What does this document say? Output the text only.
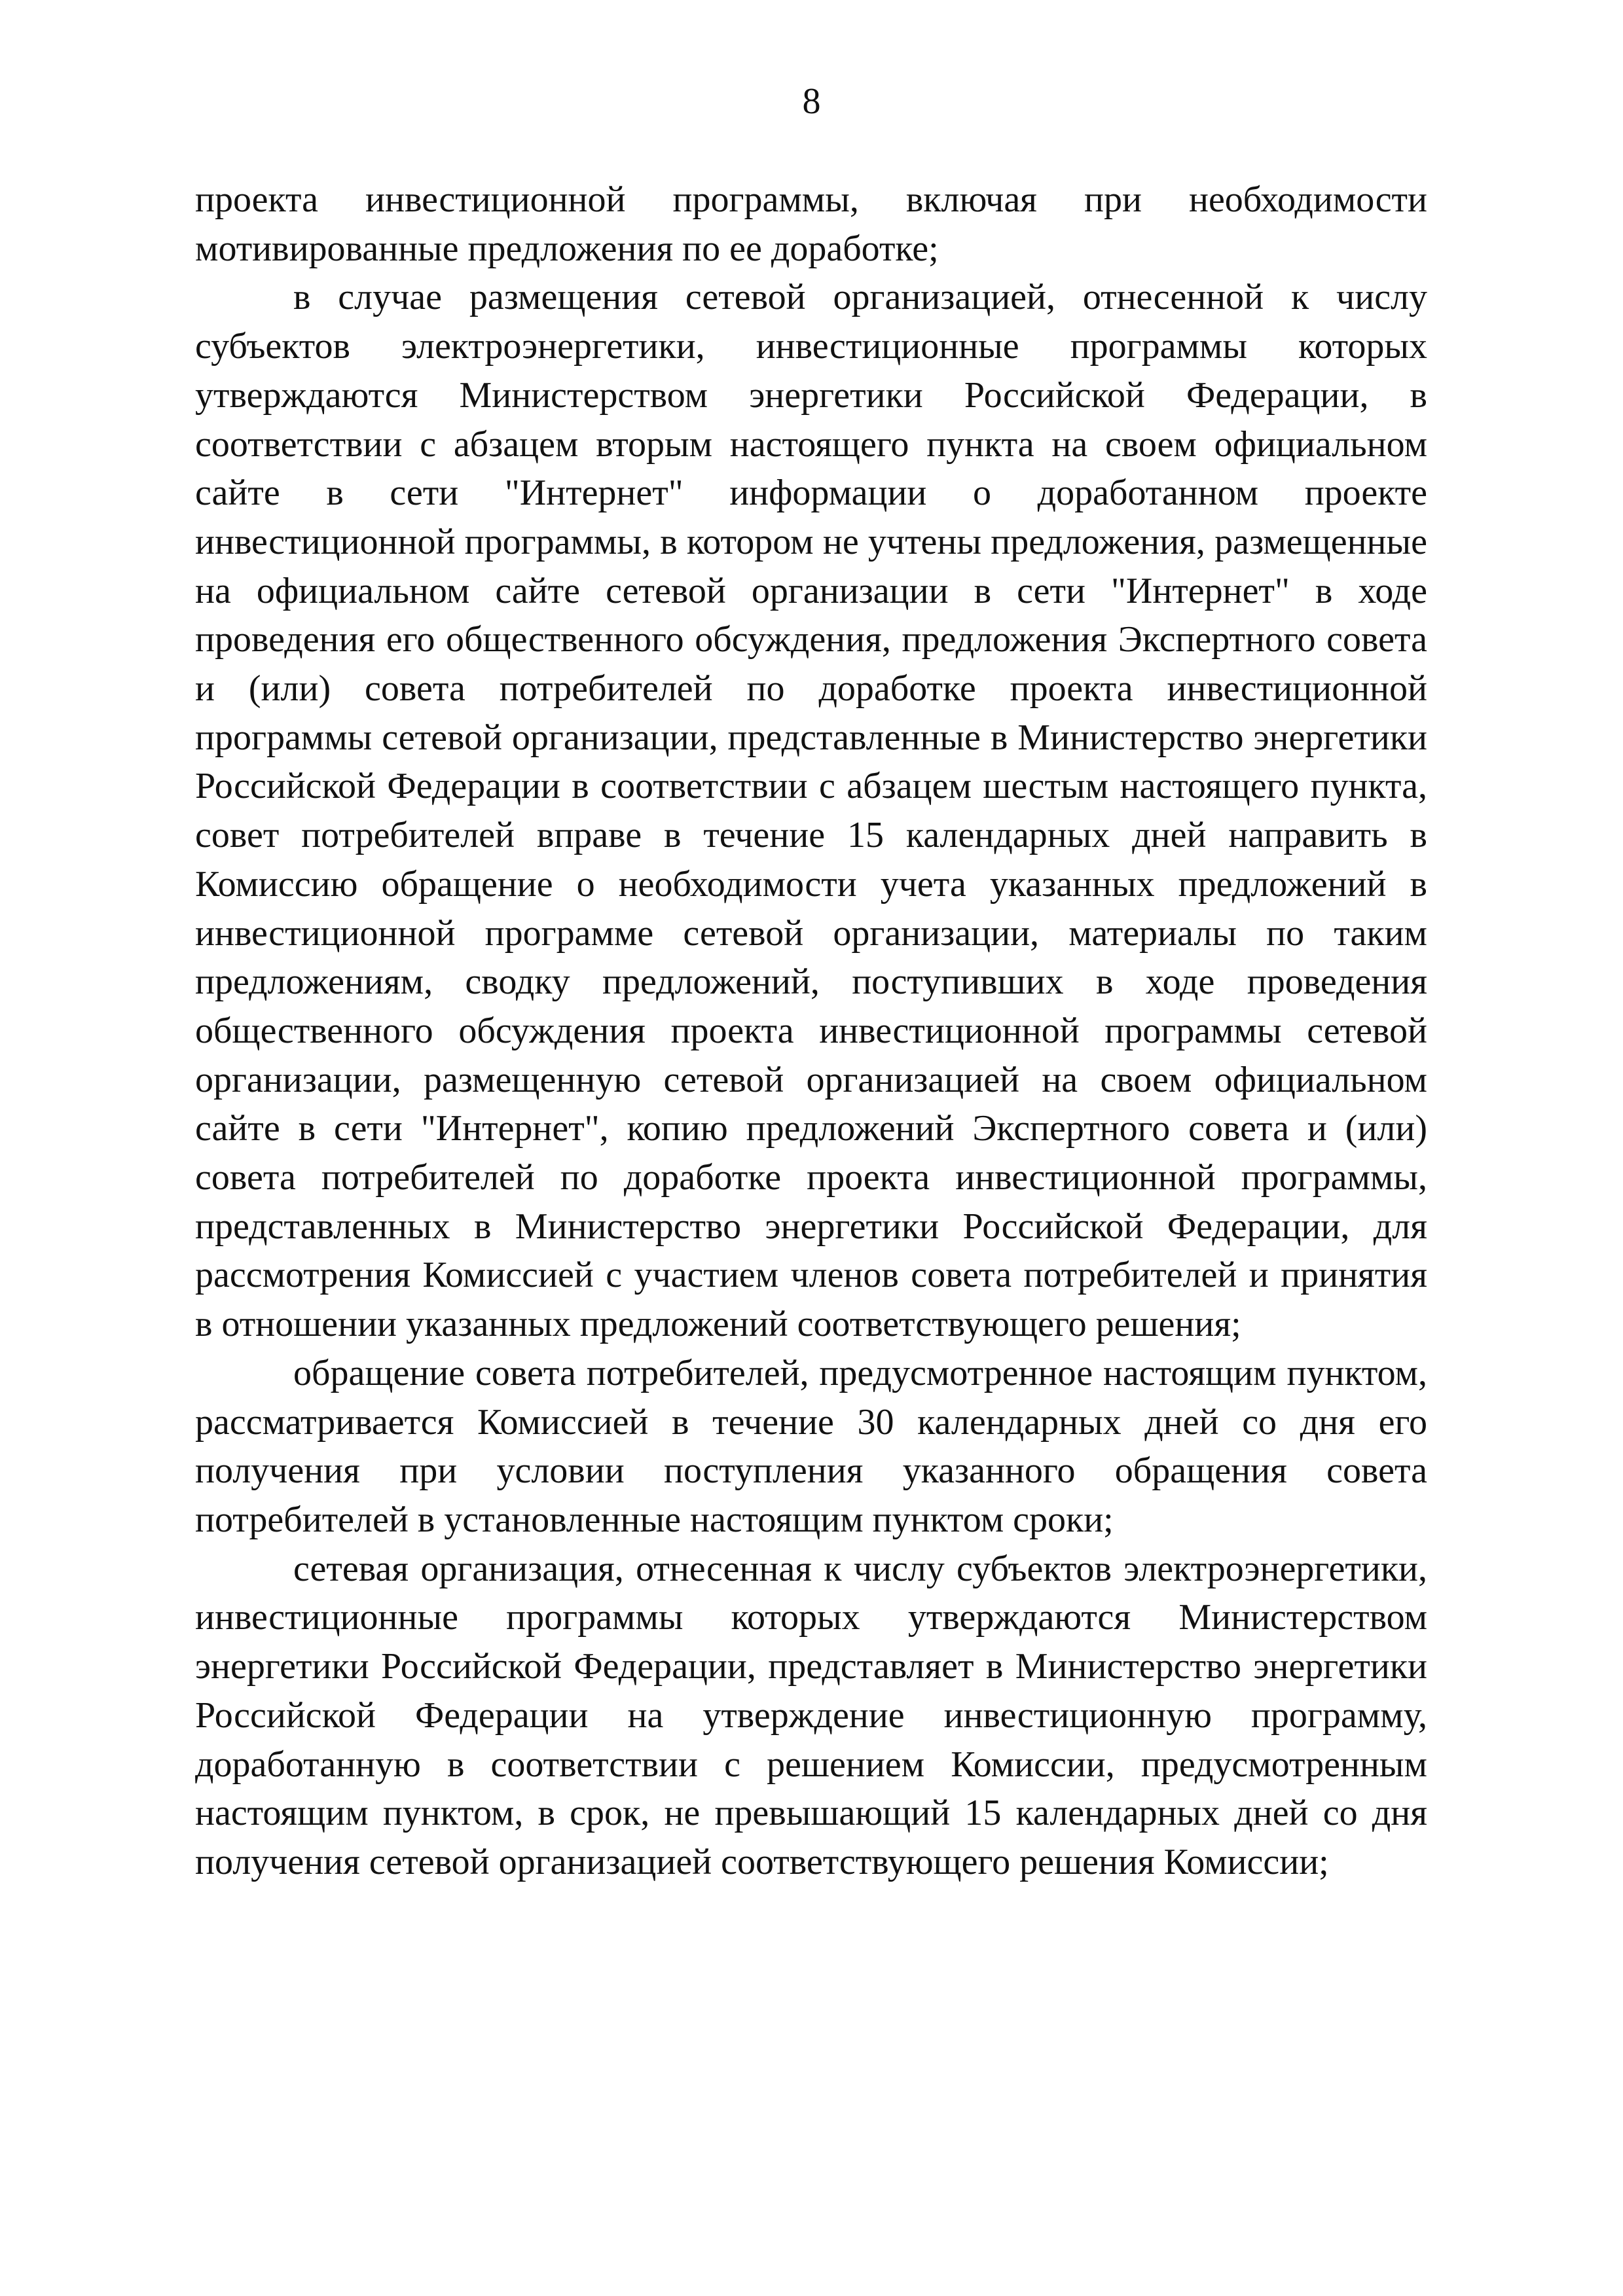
8

проекта инвестиционной программы, включая при необходимости мотивированные предложения по ее доработке;

в случае размещения сетевой организацией, отнесенной к числу субъектов электроэнергетики, инвестиционные программы которых утверждаются Министерством энергетики Российской Федерации, в соответствии с абзацем вторым настоящего пункта на своем официальном сайте в сети "Интернет" информации о доработанном проекте инвестиционной программы, в котором не учтены предложения, размещенные на официальном сайте сетевой организации в сети "Интернет" в ходе проведения его общественного обсуждения, предложения Экспертного совета и (или) совета потребителей по доработке проекта инвестиционной программы сетевой организации, представленные в Министерство энергетики Российской Федерации в соответствии с абзацем шестым настоящего пункта, совет потребителей вправе в течение 15 календарных дней направить в Комиссию обращение о необходимости учета указанных предложений в инвестиционной программе сетевой организации, материалы по таким предложениям, сводку предложений, поступивших в ходе проведения общественного обсуждения проекта инвестиционной программы сетевой организации, размещенную сетевой организацией на своем официальном сайте в сети "Интернет", копию предложений Экспертного совета и (или) совета потребителей по доработке проекта инвестиционной программы, представленных в Министерство энергетики Российской Федерации, для рассмотрения Комиссией с участием членов совета потребителей и принятия в отношении указанных предложений соответствующего решения;

обращение совета потребителей, предусмотренное настоящим пунктом, рассматривается Комиссией в течение 30 календарных дней со дня его получения при условии поступления указанного обращения совета потребителей в установленные настоящим пунктом сроки;

сетевая организация, отнесенная к числу субъектов электроэнергетики, инвестиционные программы которых утверждаются Министерством энергетики Российской Федерации, представляет в Министерство энергетики Российской Федерации на утверждение инвестиционную программу, доработанную в соответствии с решением Комиссии, предусмотренным настоящим пунктом, в срок, не превышающий 15 календарных дней со дня получения сетевой организацией соответствующего решения Комиссии;
